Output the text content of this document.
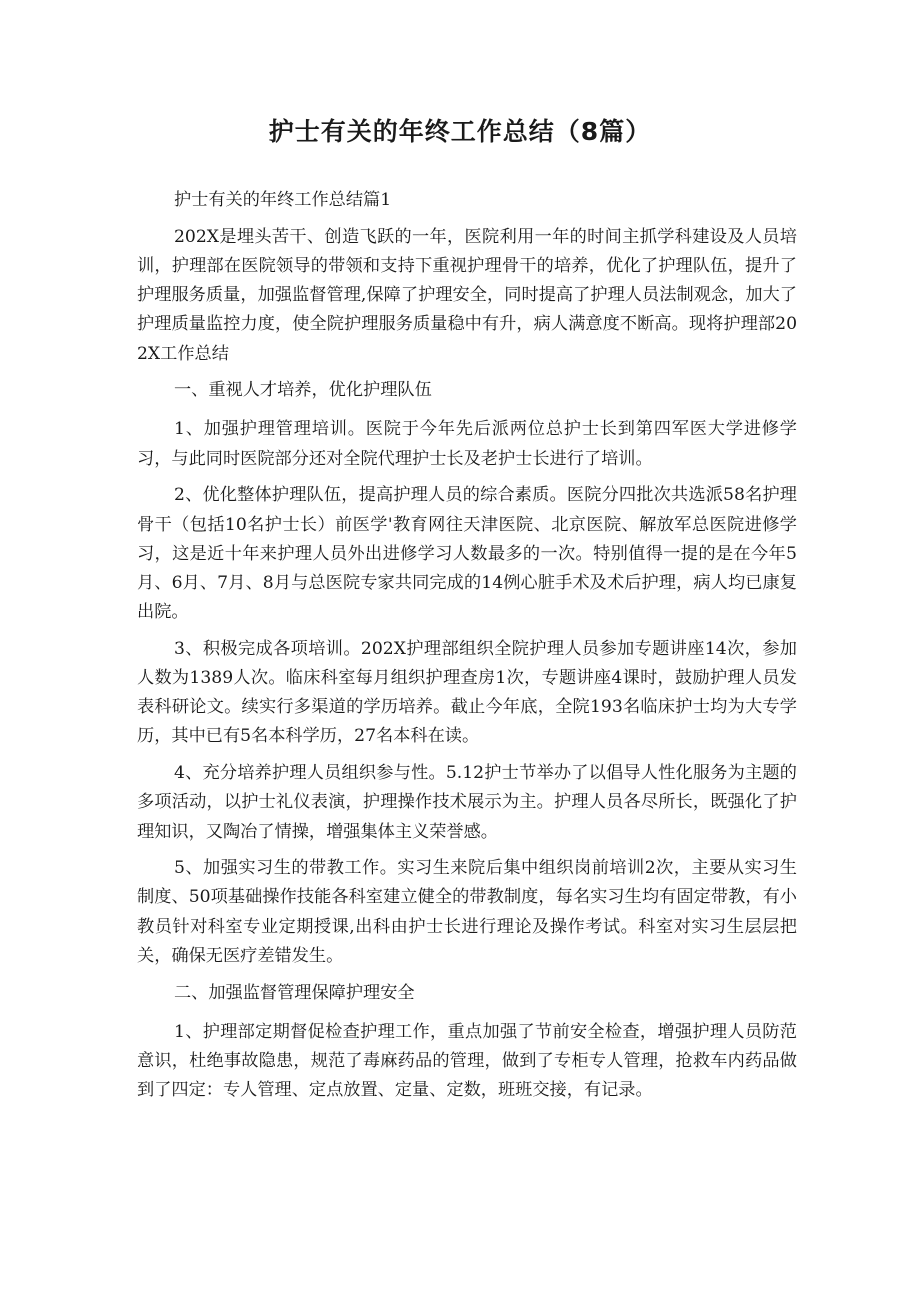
护士有关的年终工作总结（8篇）

护士有关的年终工作总结篇1

202X是埋头苦干、创造飞跃的一年，医院利用一年的时间主抓学科建设及人员培训，护理部在医院领导的带领和支持下重视护理骨干的培养，优化了护理队伍，提升了护理服务质量，加强监督管理,保障了护理安全，同时提高了护理人员法制观念，加大了护理质量监控力度，使全院护理服务质量稳中有升，病人满意度不断高。现将护理部202X工作总结

一、重视人才培养，优化护理队伍

1、加强护理管理培训。医院于今年先后派两位总护士长到第四军医大学进修学习，与此同时医院部分还对全院代理护士长及老护士长进行了培训。

2、优化整体护理队伍，提高护理人员的综合素质。医院分四批次共选派58名护理骨干（包括10名护士长）前医学'教育网往天津医院、北京医院、解放军总医院进修学习，这是近十年来护理人员外出进修学习人数最多的一次。特别值得一提的是在今年5月、6月、7月、8月与总医院专家共同完成的14例心脏手术及术后护理，病人均已康复出院。

3、积极完成各项培训。202X护理部组织全院护理人员参加专题讲座14次，参加人数为1389人次。临床科室每月组织护理查房1次，专题讲座4课时，鼓励护理人员发表科研论文。续实行多渠道的学历培养。截止今年底，全院193名临床护士均为大专学历，其中已有5名本科学历，27名本科在读。

4、充分培养护理人员组织参与性。5.12护士节举办了以倡导人性化服务为主题的多项活动，以护士礼仪表演，护理操作技术展示为主。护理人员各尽所长，既强化了护理知识，又陶冶了情操，增强集体主义荣誉感。

5、加强实习生的带教工作。实习生来院后集中组织岗前培训2次，主要从实习生制度、50项基础操作技能各科室建立健全的带教制度，每名实习生均有固定带教，有小教员针对科室专业定期授课,出科由护士长进行理论及操作考试。科室对实习生层层把关，确保无医疗差错发生。

二、加强监督管理保障护理安全

1、护理部定期督促检查护理工作，重点加强了节前安全检查，增强护理人员防范意识，杜绝事故隐患，规范了毒麻药品的管理，做到了专柜专人管理，抢救车内药品做到了四定：专人管理、定点放置、定量、定数，班班交接，有记录。
